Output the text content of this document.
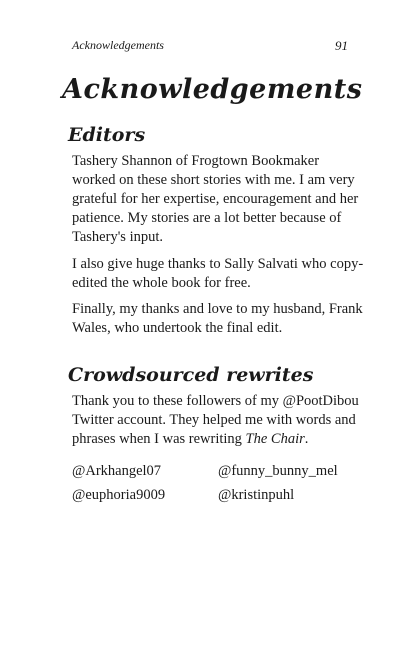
Acknowledgements	91
Acknowledgements
Editors

Tashery Shannon of Frogtown Bookmaker worked on these short stories with me. I am very grateful for her expertise, encouragement and her patience. My stories are a lot better because of Tashery's input.

I also give huge thanks to Sally Salvati who copy-edited the whole book for free.

Finally, my thanks and love to my husband, Frank Wales, who undertook the final edit.

Crowdsourced rewrites

Thank you to these followers of my @PootDibou Twitter account. They helped me with words and phrases when I was rewriting The Chair.

@Arkhangel07	@funny_bunny_mel
@euphoria9009	@kristinpuhl
